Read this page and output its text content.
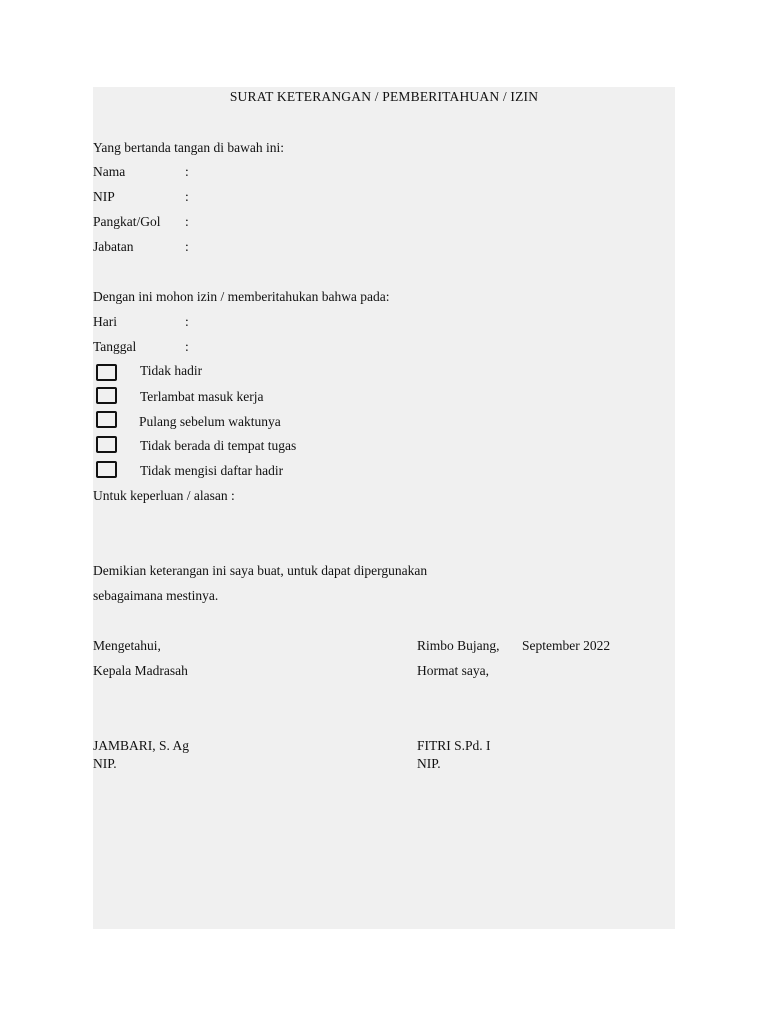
SURAT KETERANGAN / PEMBERITAHUAN / IZIN
Yang bertanda tangan di bawah ini:
Nama	:
NIP	:
Pangkat/Gol :
Jabatan	:
Dengan ini mohon izin / memberitahukan bahwa pada:
Hari	:
Tanggal	:
Tidak hadir
Terlambat masuk kerja
Pulang sebelum waktunya
Tidak berada di tempat tugas
Tidak mengisi daftar hadir
Untuk keperluan / alasan :
Demikian keterangan ini saya buat, untuk dapat dipergunakan
sebagaimana mestinya.
Mengetahui,
Kepala Madrasah
JAMBARI, S. Ag
NIP.
Rimbo Bujang, September 2022
Hormat saya,
FITRI S.Pd. I
NIP.
